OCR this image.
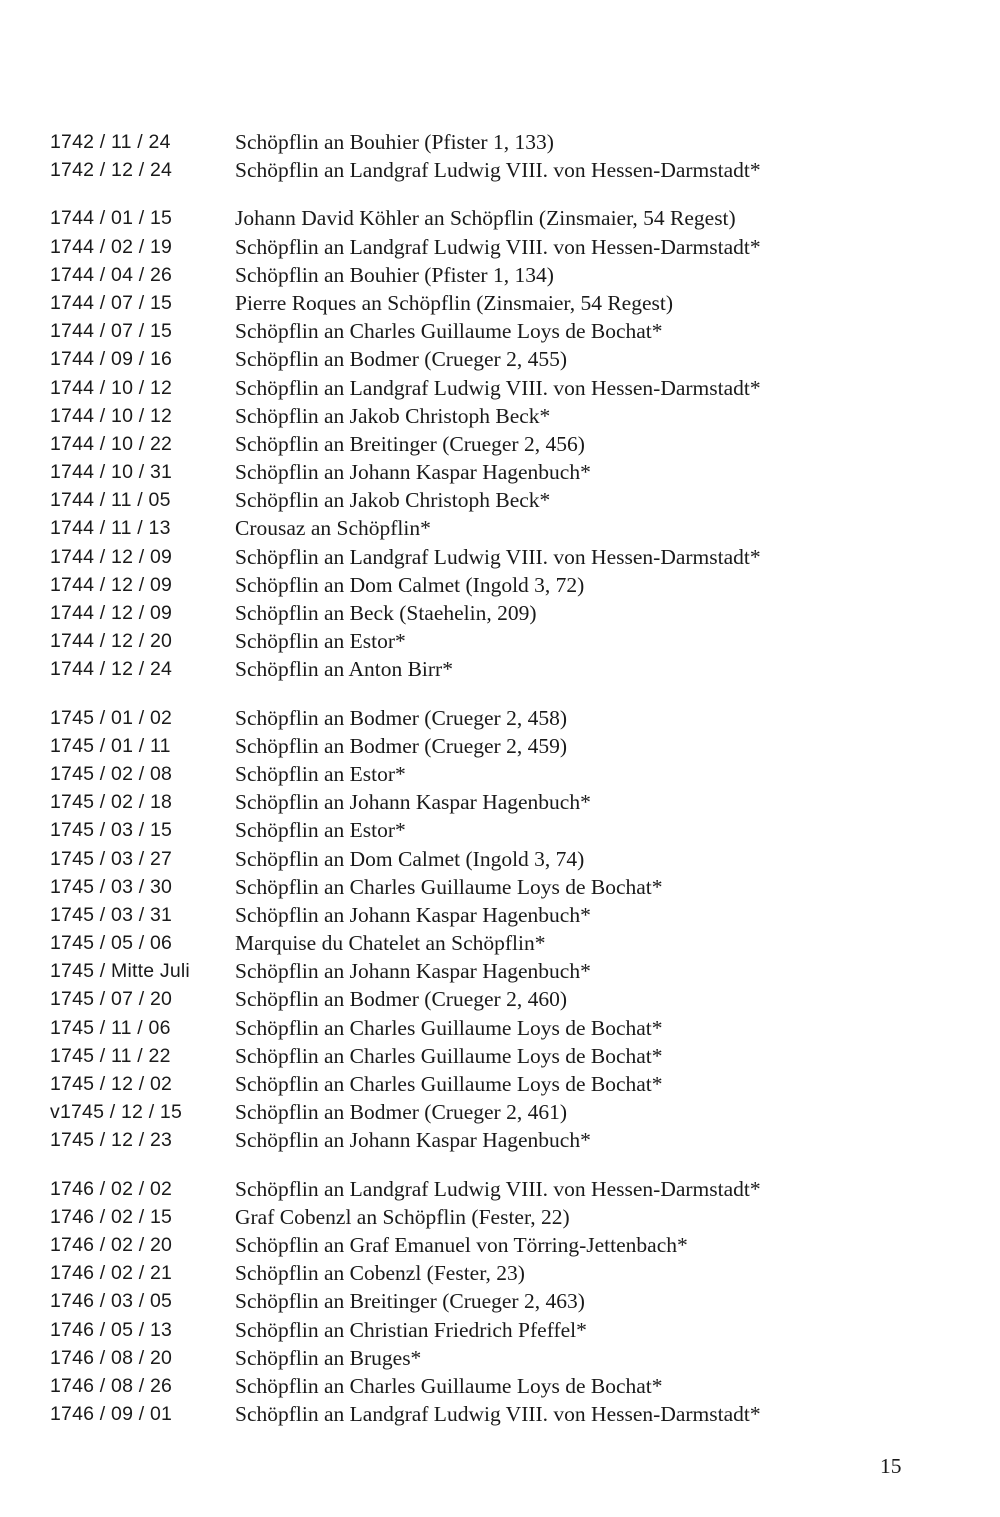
1742 / 11 / 24	Schöpflin an Bouhier (Pfister 1, 133)
1742 / 12 / 24	Schöpflin an Landgraf Ludwig VIII. von Hessen-Darmstadt*
1744 / 01 / 15	Johann David Köhler an Schöpflin (Zinsmaier, 54 Regest)
1744 / 02 / 19	Schöpflin an Landgraf Ludwig VIII. von Hessen-Darmstadt*
1744 / 04 / 26	Schöpflin an Bouhier (Pfister 1, 134)
1744 / 07 / 15	Pierre Roques an Schöpflin (Zinsmaier, 54 Regest)
1744 / 07 / 15	Schöpflin an Charles Guillaume Loys de Bochat*
1744 / 09 / 16	Schöpflin an Bodmer (Crueger 2, 455)
1744 / 10 / 12	Schöpflin an Landgraf Ludwig VIII. von Hessen-Darmstadt*
1744 / 10 / 12	Schöpflin an Jakob Christoph Beck*
1744 / 10 / 22	Schöpflin an Breitinger (Crueger 2, 456)
1744 / 10 / 31	Schöpflin an Johann Kaspar Hagenbuch*
1744 / 11 / 05	Schöpflin an Jakob Christoph Beck*
1744 / 11 / 13	Crousaz an Schöpflin*
1744 / 12 / 09	Schöpflin an Landgraf Ludwig VIII. von Hessen-Darmstadt*
1744 / 12 / 09	Schöpflin an Dom Calmet (Ingold 3, 72)
1744 / 12 / 09	Schöpflin an Beck (Staehelin, 209)
1744 / 12 / 20	Schöpflin an Estor*
1744 / 12 / 24	Schöpflin an Anton Birr*
1745 / 01 / 02	Schöpflin an Bodmer (Crueger 2, 458)
1745 / 01 / 11	Schöpflin an Bodmer (Crueger 2, 459)
1745 / 02 / 08	Schöpflin an Estor*
1745 / 02 / 18	Schöpflin an Johann Kaspar Hagenbuch*
1745 / 03 / 15	Schöpflin an Estor*
1745 / 03 / 27	Schöpflin an Dom Calmet (Ingold 3, 74)
1745 / 03 / 30	Schöpflin an Charles Guillaume Loys de Bochat*
1745 / 03 / 31	Schöpflin an Johann Kaspar Hagenbuch*
1745 / 05 / 06	Marquise du Chatelet an Schöpflin*
1745 / Mitte Juli	Schöpflin an Johann Kaspar Hagenbuch*
1745 / 07 / 20	Schöpflin an Bodmer (Crueger 2, 460)
1745 / 11 / 06	Schöpflin an Charles Guillaume Loys de Bochat*
1745 / 11 / 22	Schöpflin an Charles Guillaume Loys de Bochat*
1745 / 12 / 02	Schöpflin an Charles Guillaume Loys de Bochat*
v1745 / 12 / 15	Schöpflin an Bodmer (Crueger 2, 461)
1745 / 12 / 23	Schöpflin an Johann Kaspar Hagenbuch*
1746 / 02 / 02	Schöpflin an Landgraf Ludwig VIII. von Hessen-Darmstadt*
1746 / 02 / 15	Graf Cobenzl an Schöpflin (Fester, 22)
1746 / 02 / 20	Schöpflin an Graf Emanuel von Törring-Jettenbach*
1746 / 02 / 21	Schöpflin an Cobenzl (Fester, 23)
1746 / 03 / 05	Schöpflin an Breitinger (Crueger 2, 463)
1746 / 05 / 13	Schöpflin an Christian Friedrich Pfeffel*
1746 / 08 / 20	Schöpflin an Bruges*
1746 / 08 / 26	Schöpflin an Charles Guillaume Loys de Bochat*
1746 / 09 / 01	Schöpflin an Landgraf Ludwig VIII. von Hessen-Darmstadt*
15
